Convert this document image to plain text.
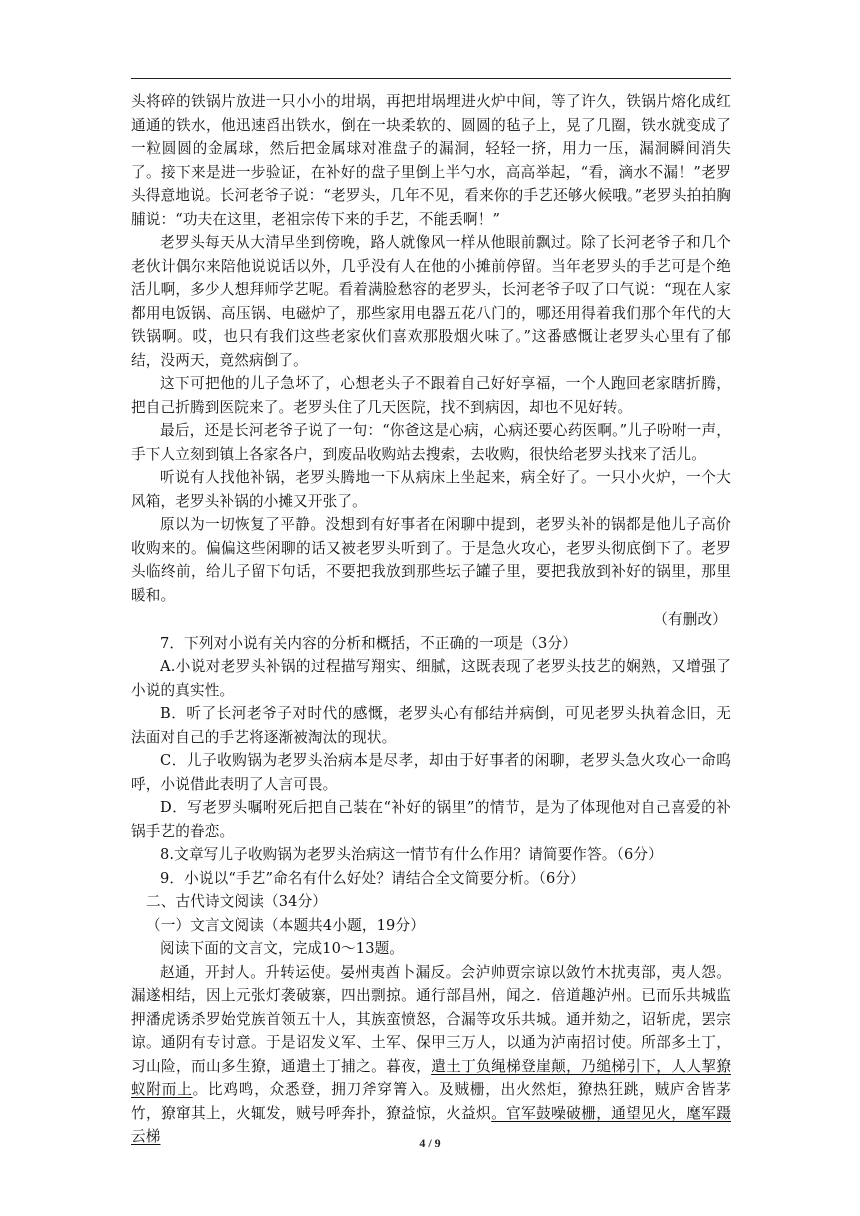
头将碎的铁锅片放进一只小小的坩埚，再把坩埚埋进火炉中间，等了许久，铁锅片熔化成红通通的铁水，他迅速舀出铁水，倒在一块柔软的、圆圆的毡子上，晃了几圈，铁水就变成了一粒圆圆的金属球，然后把金属球对准盘子的漏洞，轻轻一挤，用力一压，漏洞瞬间消失了。接下来是进一步验证，在补好的盘子里倒上半勺水，高高举起，“看，滴水不漏！”老罗头得意地说。长河老爷子说：“老罗头，几年不见，看来你的手艺还够火候哦。”老罗头拍拍胸脯说：“功夫在这里，老祖宗传下来的手艺，不能丢啊！”

老罗头每天从大清早坐到傍晚，路人就像风一样从他眼前飘过。除了长河老爷子和几个老伙计偶尔来陪他说说话以外，几乎没有人在他的小摊前停留。当年老罗头的手艺可是个绝活儿啊，多少人想拜师学艺呢。看着满脸愁容的老罗头，长河老爷子叹了口气说：“现在人家都用电饭锅、高压锅、电磁炉了，那些家用电器五花八门的，哪还用得着我们那个年代的大铁锅啊。哎，也只有我们这些老家伙们喜欢那股烟火味了。”这番感慨让老罗头心里有了郁结，没两天，竟然病倒了。

这下可把他的儿子急坏了，心想老头子不跟着自己好好享福，一个人跑回老家瞎折腾，把自己折腾到医院来了。老罗头住了几天医院，找不到病因，却也不见好转。

最后，还是长河老爷子说了一句：“你爸这是心病，心病还要心药医啊。”儿子吩咐一声，手下人立刻到镇上各家各户，到废品收购站去搜索，去收购，很快给老罗头找来了活儿。

听说有人找他补锅，老罗头腾地一下从病床上坐起来，病全好了。一只小火炉，一个大风箱，老罗头补锅的小摊又开张了。

原以为一切恢复了平静。没想到有好事者在闲聊中提到，老罗头补的锅都是他儿子高价收购来的。偏偏这些闲聊的话又被老罗头听到了。于是急火攻心，老罗头彻底倒下了。老罗头临终前，给儿子留下句话，不要把我放到那些坛子罐子里，要把我放到补好的锅里，那里暖和。

（有删改）

7．下列对小说有关内容的分析和概括，不正确的一项是（3分）

A.小说对老罗头补锅的过程描写翔实、细腻，这既表现了老罗头技艺的娴熟，又增强了小说的真实性。

B．听了长河老爷子对时代的感慨，老罗头心有郁结并病倒，可见老罗头执着念旧，无法面对自己的手艺将逐渐被淘汰的现状。

C．儿子收购锅为老罗头治病本是尽孝，却由于好事者的闲聊，老罗头急火攻心一命呜呼，小说借此表明了人言可畏。

D．写老罗头嘱咐死后把自己装在“补好的锅里”的情节，是为了体现他对自己喜爱的补锅手艺的眷恋。

8.文章写儿子收购锅为老罗头治病这一情节有什么作用？请简要作答。（6分）

9．小说以“手艺”命名有什么好处？请结合全文简要分析。（6分）

二、古代诗文阅读（34分）

（一）文言文阅读（本题共4小题，19分）

阅读下面的文言文，完成10～13题。

赵通，开封人。升转运使。晏州夷酋卜漏反。会泸帅贾宗谅以敛竹木扰夷部，夷人怨。漏遂相结，因上元张灯袭破寨，四出剽掠。通行部昌州，闻之．倍道趣泸州。已而乐共城监押潘虎诱杀罗始党族首领五十人，其族蛮愤怒，合漏等攻乐共城。通并劾之，诏斩虎，罢宗谅。通阴有专讨意。于是诏发义军、土军、保甲三万人，以通为泸南招讨使。所部多土丁，习山险，而山多生獠，通遣土丁捕之。暮夜，遣土丁负绳梯登崖颠，乃缒梯引下，人人挈獠蚁附而上。比鸡鸣，众悉登，拥刀斧穿箐入。及贼栅，出火然炬，獠热狂跳，贼庐舍皆茅竹，獠窜其上，火辄发，贼号呼奔扑，獠益惊，火益炽。官军鼓噪破栅，通望见火，麾军蹑云梯	4 / 9
